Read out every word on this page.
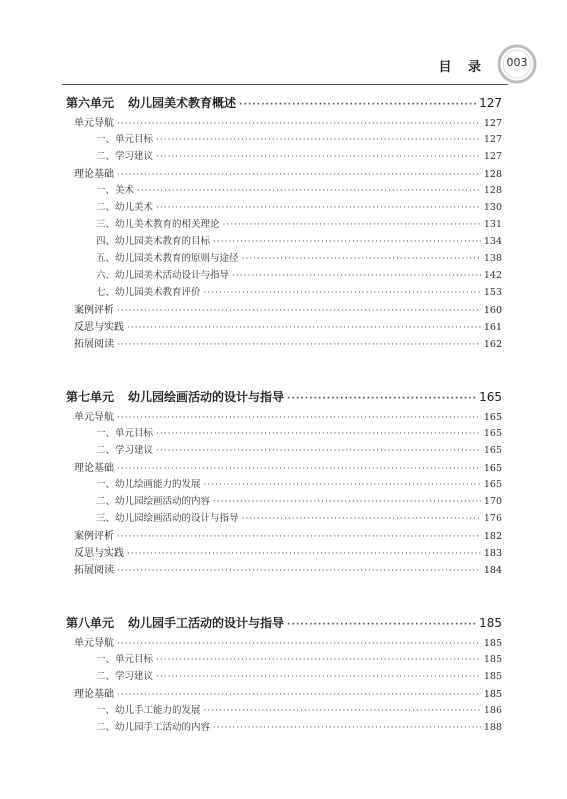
目 录	003
第六单元 幼儿园美术教育概述 ·····	127
单元导航 ·····	127
一、单元目标 ·····	127
二、学习建议 ·····	127
理论基础 ·····	128
一、美术 ·····	128
二、幼儿美术 ·····	130
三、幼儿美术教育的相关理论 ·····	131
四、幼儿园美术教育的目标 ·····	134
五、幼儿园美术教育的原则与途径 ·····	138
六、幼儿园美术活动设计与指导 ·····	142
七、幼儿园美术教育评价 ·····	153
案例评析 ·····	160
反思与实践 ·····	161
拓展阅读 ·····	162
第七单元 幼儿园绘画活动的设计与指导 ·····	165
单元导航 ·····	165
一、单元目标 ·····	165
二、学习建议 ·····	165
理论基础 ·····	165
一、幼儿绘画能力的发展 ·····	165
二、幼儿园绘画活动的内容 ·····	170
三、幼儿园绘画活动的设计与指导 ·····	176
案例评析 ·····	182
反思与实践 ·····	183
拓展阅读 ·····	184
第八单元 幼儿园手工活动的设计与指导 ·····	185
单元导航 ·····	185
一、单元目标 ·····	185
二、学习建议 ·····	185
理论基础 ·····	185
一、幼儿手工能力的发展 ·····	186
二、幼儿园手工活动的内容 ·····	188
